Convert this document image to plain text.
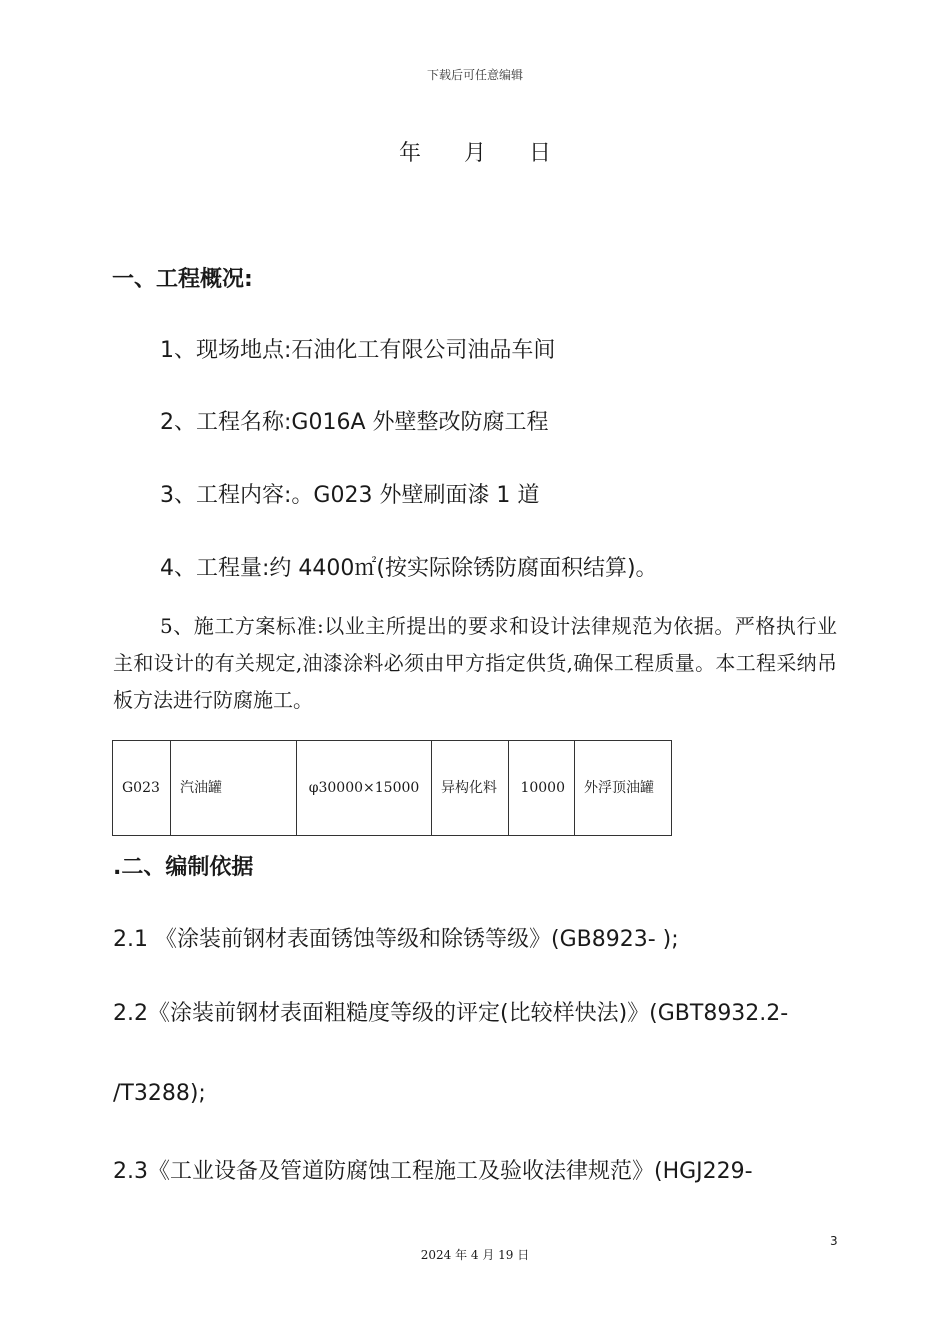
下载后可任意编辑
年 月 日
一、工程概况:
1、现场地点:石油化工有限公司油品车间
2、工程名称:G016A 外壁整改防腐工程
3、工程内容:。G023 外壁刷面漆 1 道
4、工程量:约 4400㎡(按实际除锈防腐面积结算)。
5、施工方案标准:以业主所提出的要求和设计法律规范为依据。严格执行业主和设计的有关规定,油漆涂料必须由甲方指定供货,确保工程质量。本工程采纳吊板方法进行防腐施工。
G023	汽油罐	φ30000×15000	异构化料	10000	外浮顶油罐
.二、编制依据
2.1 《涂装前钢材表面锈蚀等级和除锈等级》(GB8923- );
2.2《涂装前钢材表面粗糙度等级的评定(比较样快法)》(GBT8932.2-
/T3288);
2.3《工业设备及管道防腐蚀工程施工及验收法律规范》(HGJ229-
3
2024 年 4 月 19 日
